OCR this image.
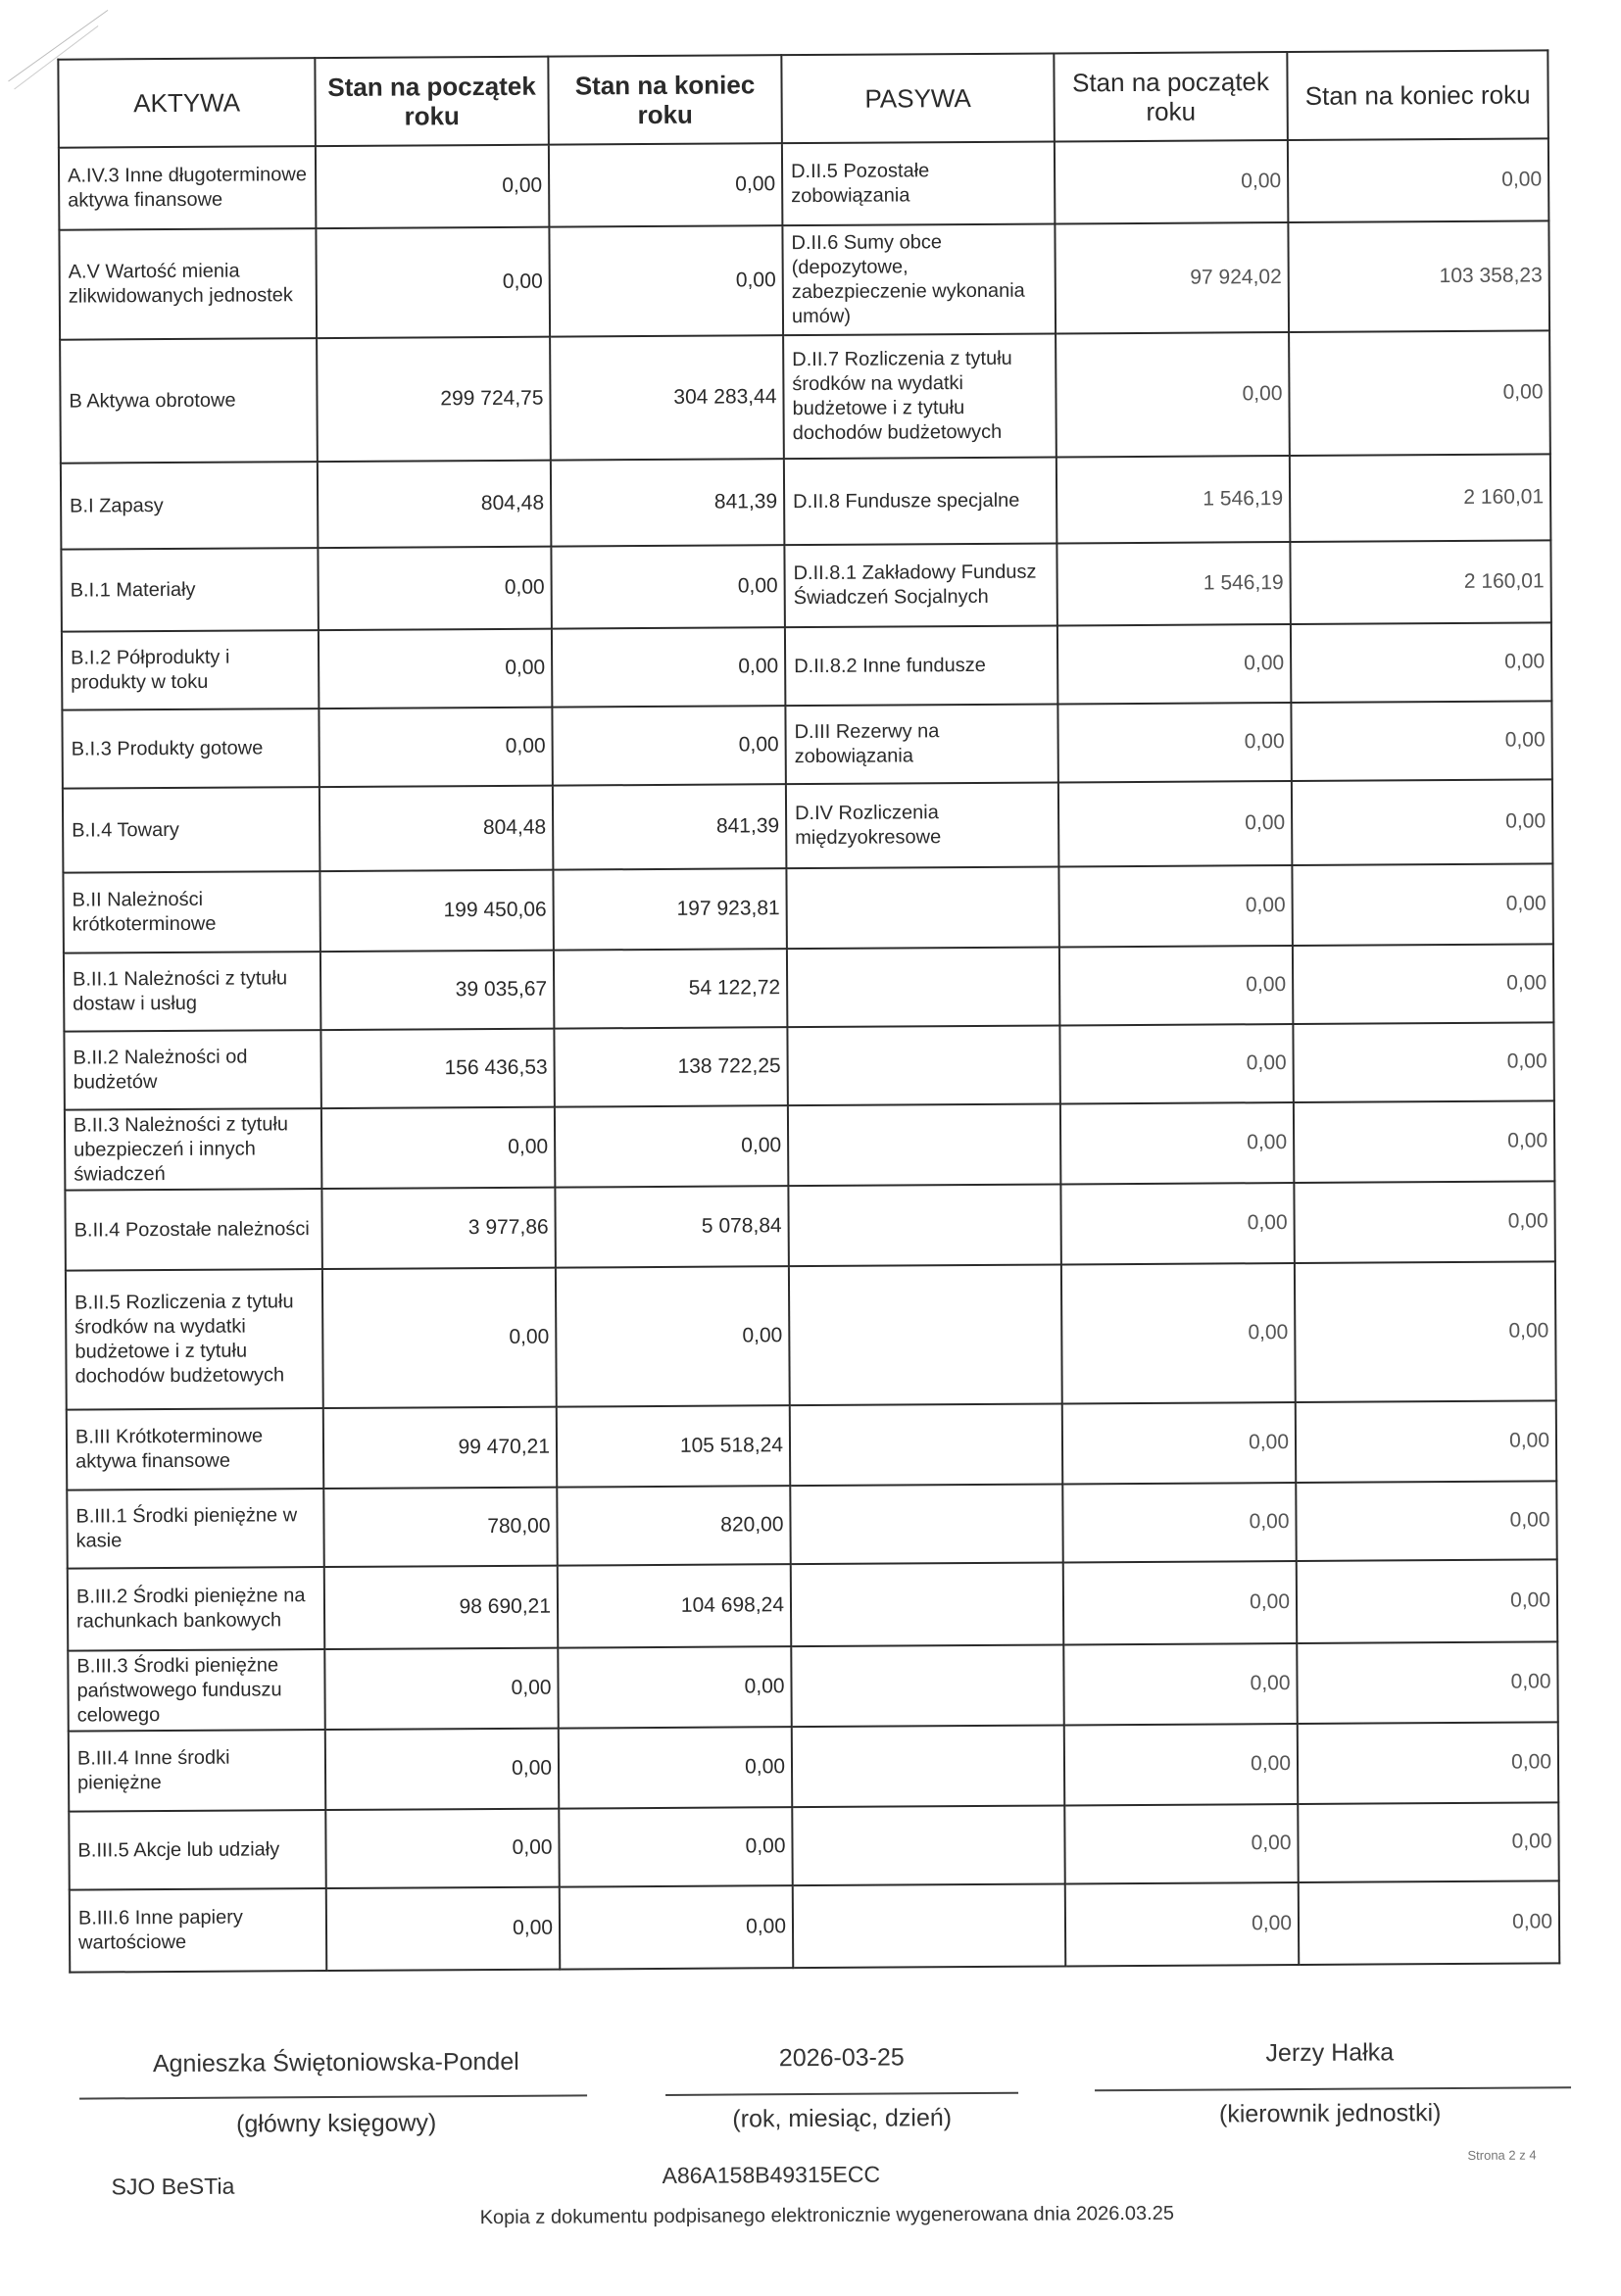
AKTYWA	Stan na początek roku	Stan na koniec roku	PASYWA	Stan na początek roku	Stan na koniec roku
A.IV.3 Inne długoterminowe aktywa finansowe	0,00	0,00	D.II.5 Pozostałe zobowiązania	0,00	0,00
A.V Wartość mienia zlikwidowanych jednostek	0,00	0,00	D.II.6 Sumy obce (depozytowe, zabezpieczenie wykonania umów)	97 924,02	103 358,23
B Aktywa obrotowe	299 724,75	304 283,44	D.II.7 Rozliczenia z tytułu środków na wydatki budżetowe i z tytułu dochodów budżetowych	0,00	0,00
B.I Zapasy	804,48	841,39	D.II.8 Fundusze specjalne	1 546,19	2 160,01
B.I.1 Materiały	0,00	0,00	D.II.8.1 Zakładowy Fundusz Świadczeń Socjalnych	1 546,19	2 160,01
B.I.2 Półprodukty i produkty w toku	0,00	0,00	D.II.8.2 Inne fundusze	0,00	0,00
B.I.3 Produkty gotowe	0,00	0,00	D.III Rezerwy na zobowiązania	0,00	0,00
B.I.4 Towary	804,48	841,39	D.IV Rozliczenia międzyokresowe	0,00	0,00
B.II Należności krótkoterminowe	199 450,06	197 923,81		0,00	0,00
B.II.1 Należności z tytułu dostaw i usług	39 035,67	54 122,72		0,00	0,00
B.II.2 Należności od budżetów	156 436,53	138 722,25		0,00	0,00
B.II.3 Należności z tytułu ubezpieczeń i innych świadczeń	0,00	0,00		0,00	0,00
B.II.4 Pozostałe należności	3 977,86	5 078,84		0,00	0,00
B.II.5 Rozliczenia z tytułu środków na wydatki budżetowe i z tytułu dochodów budżetowych	0,00	0,00		0,00	0,00
B.III Krótkoterminowe aktywa finansowe	99 470,21	105 518,24		0,00	0,00
B.III.1 Środki pieniężne w kasie	780,00	820,00		0,00	0,00
B.III.2 Środki pieniężne na rachunkach bankowych	98 690,21	104 698,24		0,00	0,00
B.III.3 Środki pieniężne państwowego funduszu celowego	0,00	0,00		0,00	0,00
B.III.4 Inne środki pieniężne	0,00	0,00		0,00	0,00
B.III.5 Akcje lub udziały	0,00	0,00		0,00	0,00
B.III.6 Inne papiery wartościowe	0,00	0,00		0,00	0,00
Agnieszka Świętoniowska-Pondel
(główny księgowy)
2026-03-25
(rok, miesiąc, dzień)
Jerzy Hałka
(kierownik jednostki)
SJO BeSTia	A86A158B49315ECC
Strona 2 z 4
Kopia z dokumentu podpisanego elektronicznie wygenerowana dnia 2026.03.25
